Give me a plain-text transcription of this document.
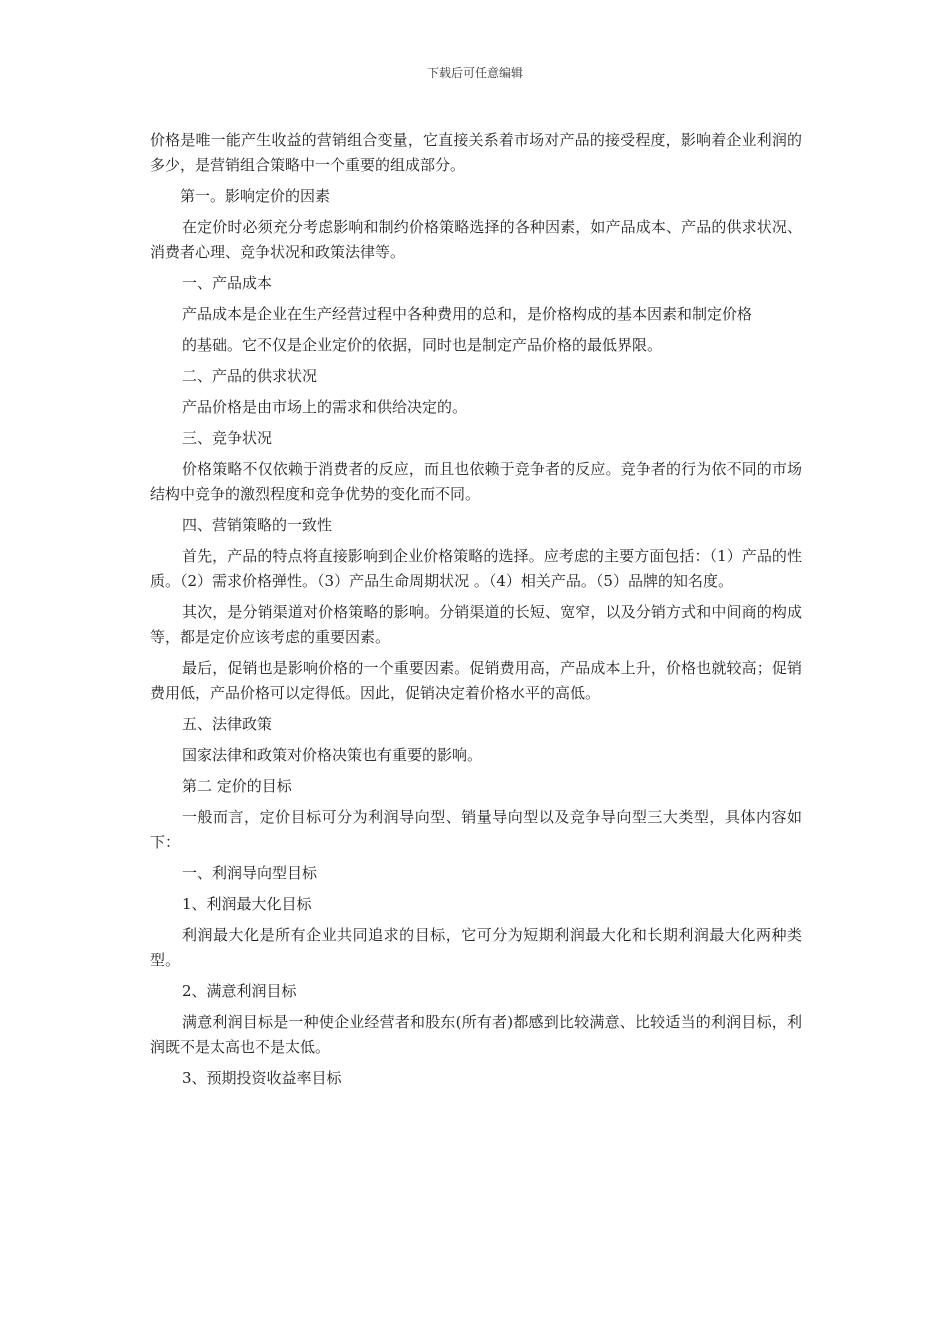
下载后可任意编辑

价格是唯一能产生收益的营销组合变量，它直接关系着市场对产品的接受程度，影响着企业利润的多少，是营销组合策略中一个重要的组成部分。

第一。影响定价的因素

在定价时必须充分考虑影响和制约价格策略选择的各种因素，如产品成本、产品的供求状况、消费者心理、竞争状况和政策法律等。

一、产品成本

产品成本是企业在生产经营过程中各种费用的总和，是价格构成的基本因素和制定价格

的基础。它不仅是企业定价的依据，同时也是制定产品价格的最低界限。

二、产品的供求状况

产品价格是由市场上的需求和供给决定的。

三、竞争状况

价格策略不仅依赖于消费者的反应，而且也依赖于竞争者的反应。竞争者的行为依不同的市场结构中竞争的激烈程度和竞争优势的变化而不同。

四、营销策略的一致性

首先，产品的特点将直接影响到企业价格策略的选择。应考虑的主要方面包括：（1）产品的性质。（2）需求价格弹性。（3）产品生命周期状况 。（4）相关产品。（5）品牌的知名度。

其次，是分销渠道对价格策略的影响。分销渠道的长短、宽窄，以及分销方式和中间商的构成等，都是定价应该考虑的重要因素。

最后，促销也是影响价格的一个重要因素。促销费用高，产品成本上升，价格也就较高；促销费用低，产品价格可以定得低。因此，促销决定着价格水平的高低。

五、法律政策

国家法律和政策对价格决策也有重要的影响。

第二 定价的目标

一般而言，定价目标可分为利润导向型、销量导向型以及竞争导向型三大类型，具体内容如下：

一、利润导向型目标

1、利润最大化目标

利润最大化是所有企业共同追求的目标，它可分为短期利润最大化和长期利润最大化两种类型。

2、满意利润目标

满意利润目标是一种使企业经营者和股东(所有者)都感到比较满意、比较适当的利润目标，利润既不是太高也不是太低。

3、预期投资收益率目标
